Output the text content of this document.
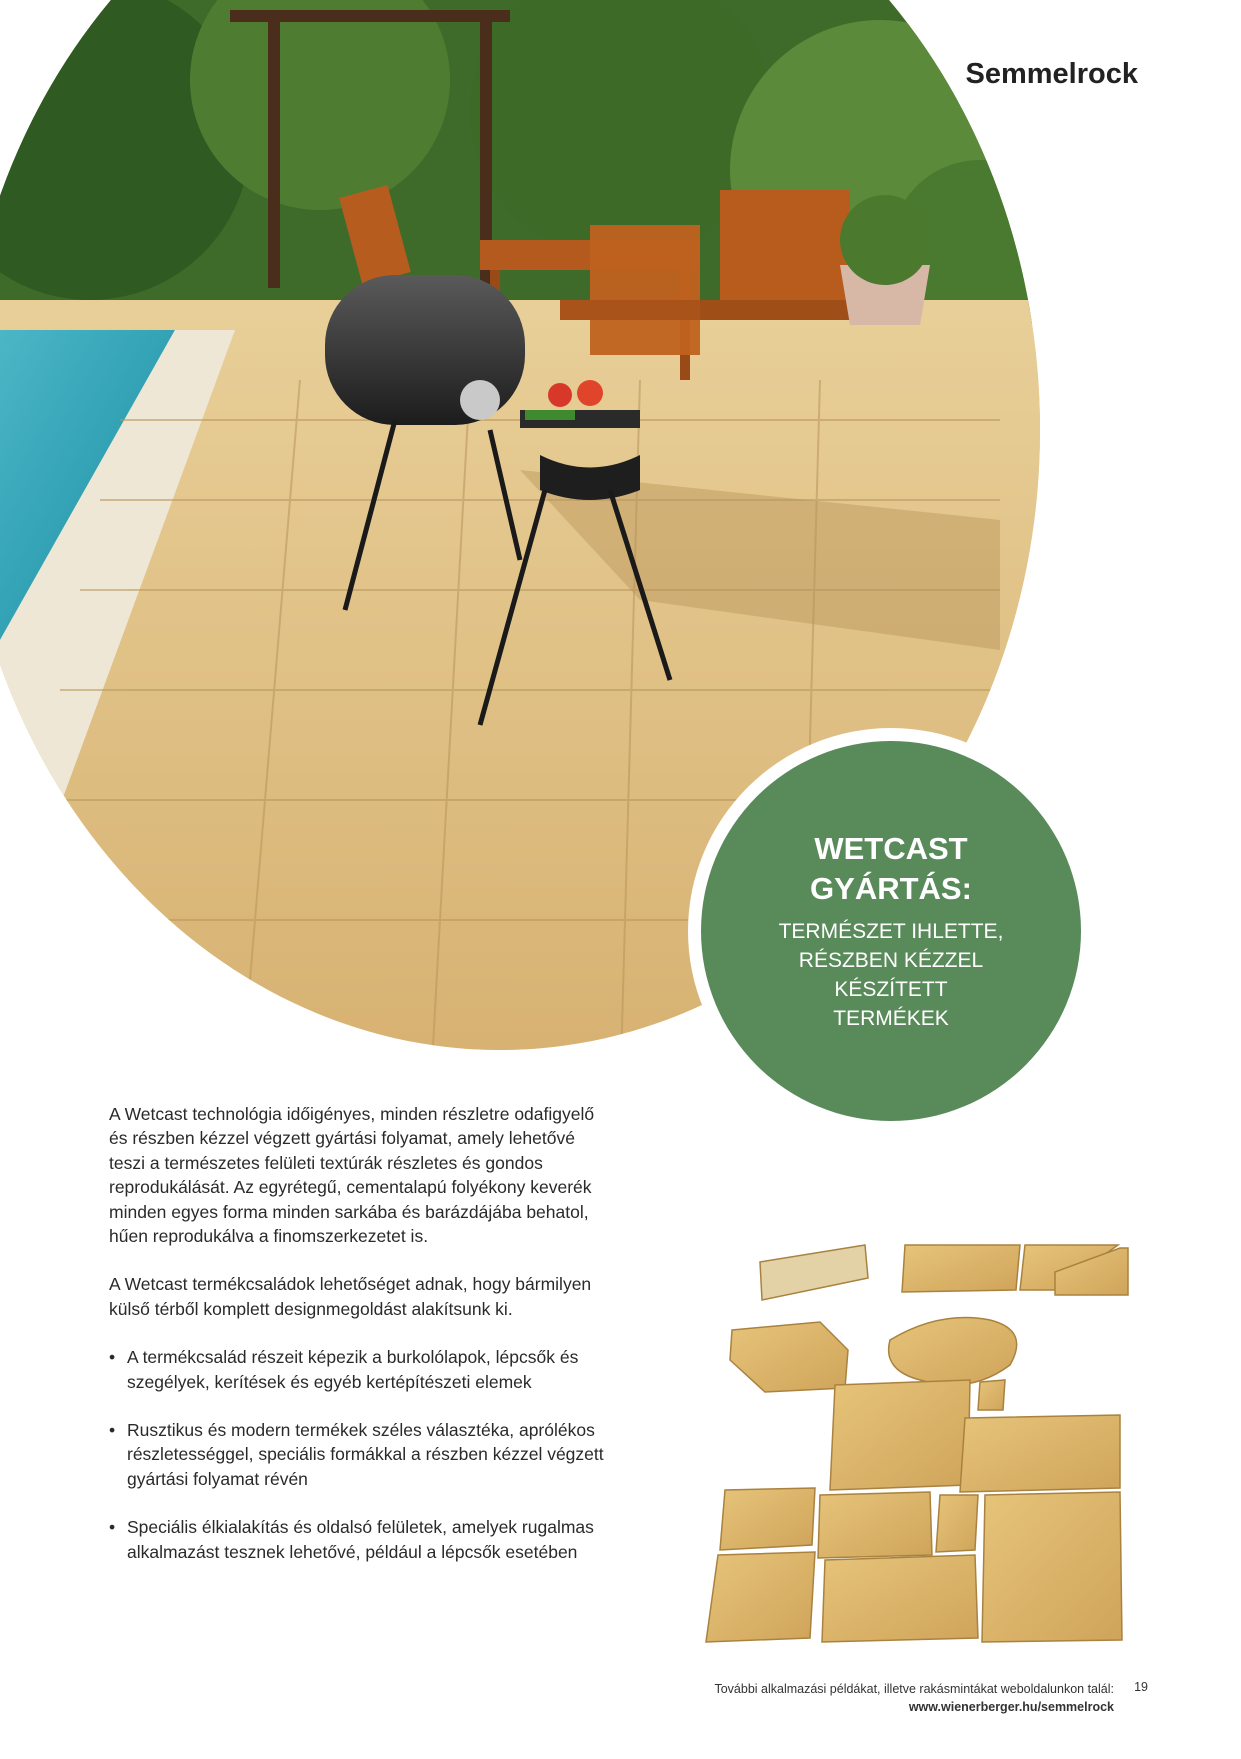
Semmelrock
WETCAST GYÁRTÁS:

TERMÉSZET IHLETTE, RÉSZBEN KÉZZEL KÉSZÍTETT TERMÉKEK

A Wetcast technológia időigényes, minden részletre odafigyelő és részben kézzel végzett gyártási folyamat, amely lehetővé teszi a természetes felületi textúrák részletes és gondos reprodukálását. Az egyrétegű, cementalapú folyékony keverék minden egyes forma minden sarkába és barázdájába behatol, hűen reprodukálva a finomszerkezetet is.

A Wetcast termékcsaládok lehetőséget adnak, hogy bármilyen külső térből komplett designmegoldást alakítsunk ki.

• A termékcsalád részeit képezik a burkolólapok, lépcsők és szegélyek, kerítések és egyéb kertépítészeti elemek
• Rusztikus és modern termékek széles választéka, aprólékos részletességgel, speciális formákkal a részben kézzel végzett gyártási folyamat révén
• Speciális élkialakítás és oldalsó felületek, amelyek rugalmas alkalmazást tesznek lehetővé, például a lépcsők esetében
További alkalmazási példákat, illetve rakásmintákat weboldalunkon talál:
www.wienerberger.hu/semmelrock
19
